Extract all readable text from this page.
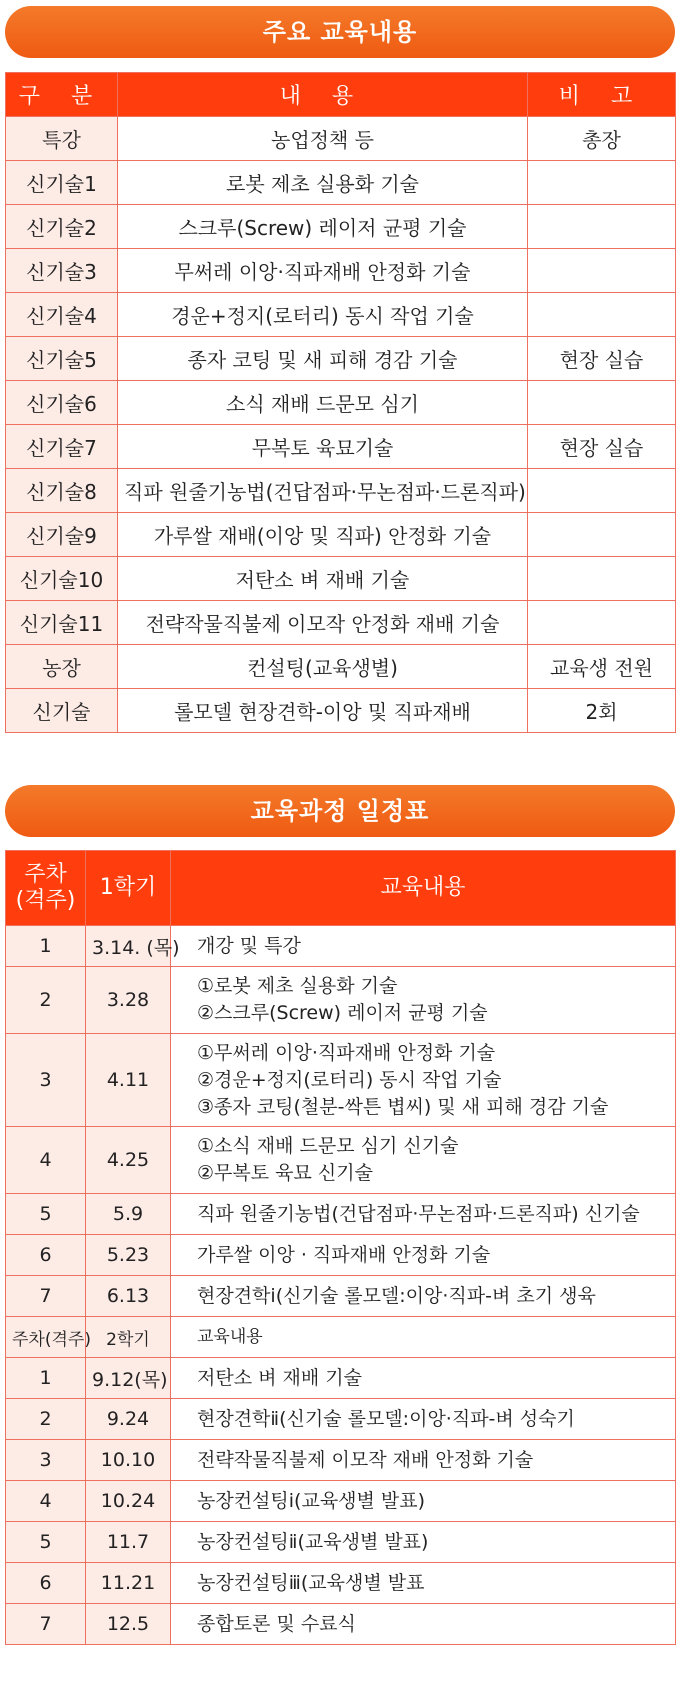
주요 교육내용
구 분	내 용	비 고
특강	농업정책 등	총장
신기술1	로봇 제초 실용화 기술	
신기술2	스크루(Screw) 레이저 균평 기술	
신기술3	무써레 이앙·직파재배 안정화 기술	
신기술4	경운+정지(로터리) 동시 작업 기술	
신기술5	종자 코팅 및 새 피해 경감 기술	현장 실습
신기술6	소식 재배 드문모 심기	
신기술7	무복토 육묘기술	현장 실습
신기술8	직파 원줄기농법(건답점파·무논점파·드론직파)	
신기술9	가루쌀 재배(이앙 및 직파) 안정화 기술	
신기술10	저탄소 벼 재배 기술	
신기술11	전략작물직불제 이모작 안정화 재배 기술	
농장	컨설팅(교육생별)	교육생 전원
신기술	롤모델 현장견학-이앙 및 직파재배	2회
교육과정 일정표
주차
(격주)	1학기	교육내용
1	3.14. (목)	개강 및 특강

2	3.28	①로봇 제초 실용화 기술
②스크루(Screw) 레이저 균평 기술

3	4.11	①무써레 이앙·직파재배 안정화 기술
②경운+정지(로터리) 동시 작업 기술
③종자 코팅(철분-싹튼 볍씨) 및 새 피해 경감 기술

4	4.25	①소식 재배 드문모 심기 신기술
②무복토 육묘 신기술

5	5.9	직파 원줄기농법(건답점파·무논점파·드론직파) 신기술

6	5.23	가루쌀 이앙 · 직파재배 안정화 기술

7	6.13	현장견학ⅰ(신기술 롤모델:이앙·직파-벼 초기 생육

주차(격주)	2학기	교육내용
1	9.12(목)	저탄소 벼 재배 기술

2	9.24	현장견학ⅱ(신기술 롤모델:이앙·직파-벼 성숙기

3	10.10	전략작물직불제 이모작 재배 안정화 기술

4	10.24	농장컨설팅ⅰ(교육생별 발표)

5	11.7	농장컨설팅ⅱ(교육생별 발표)

6	11.21	농장컨설팅ⅲ(교육생별 발표

7	12.5	종합토론 및 수료식
